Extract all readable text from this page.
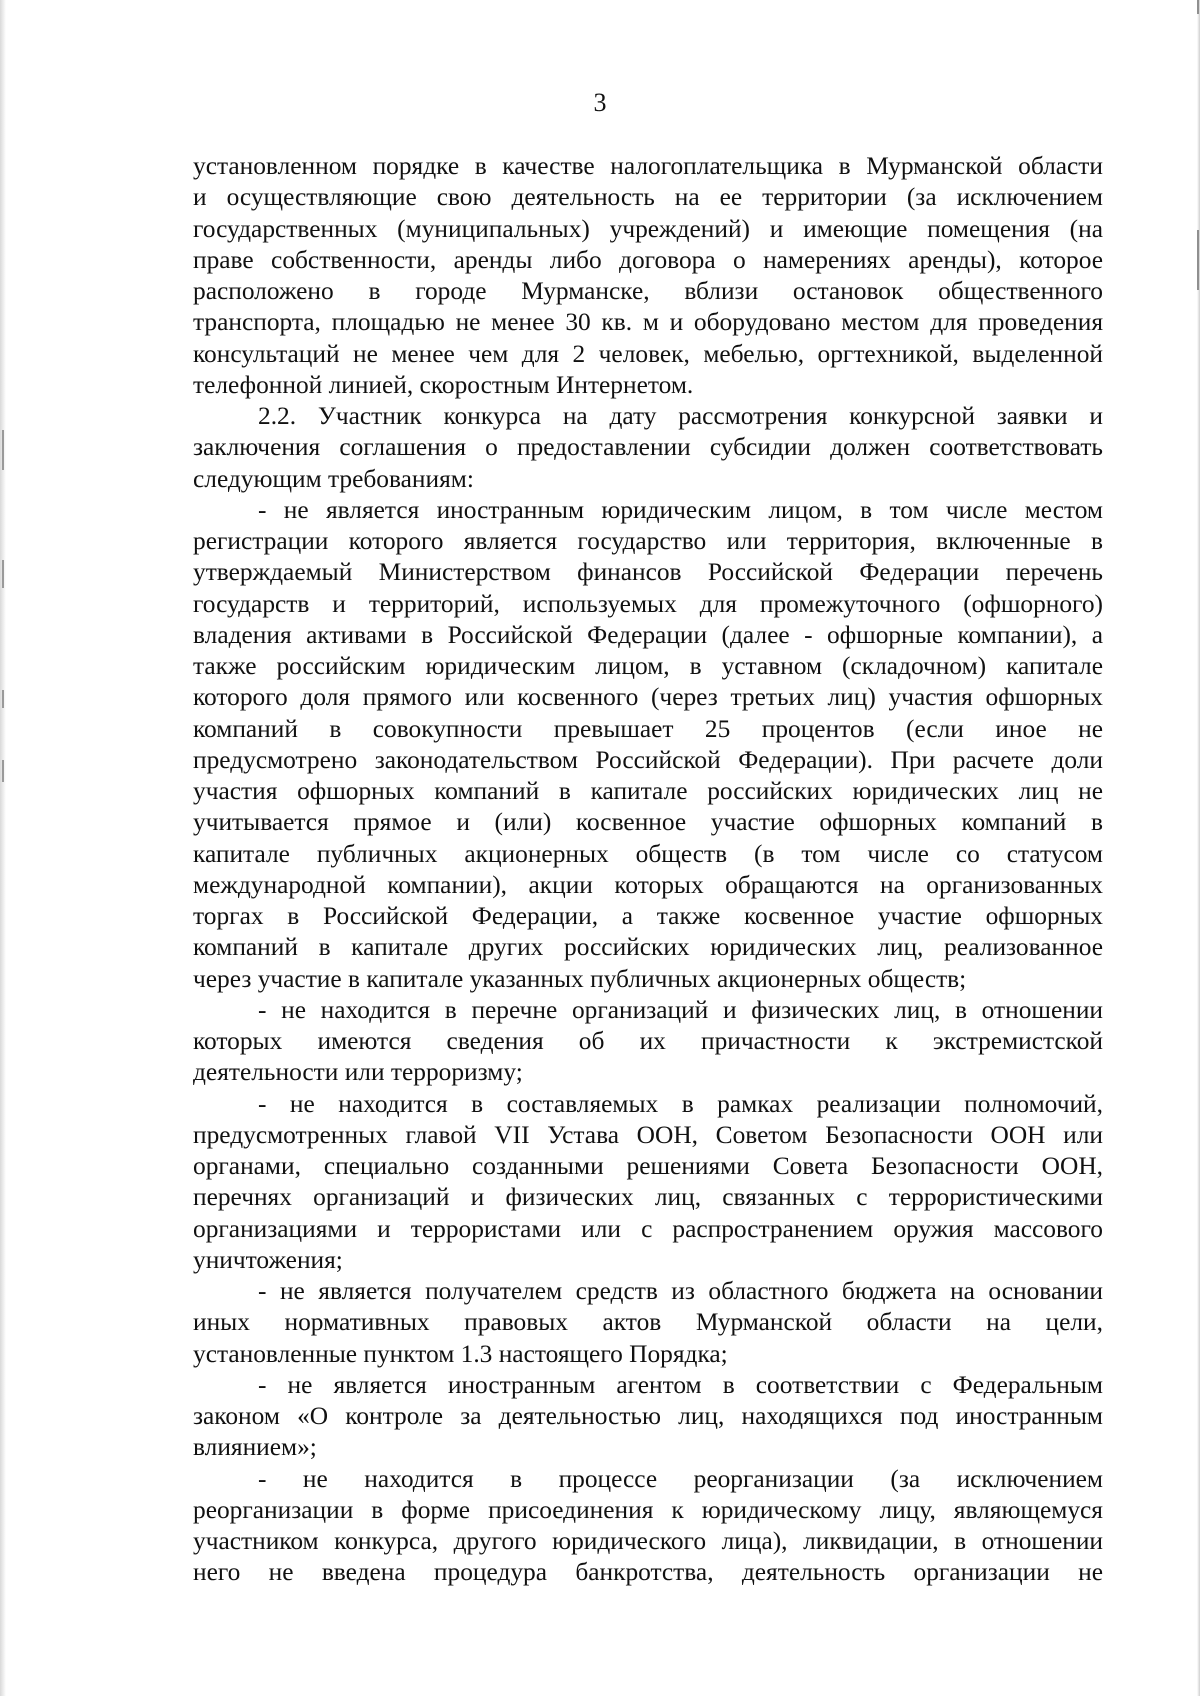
3
установленном порядке в качестве налогоплательщика в Мурманской области
и осуществляющие свою деятельность на ее территории (за исключением
государственных (муниципальных) учреждений) и имеющие помещения (на
праве собственности, аренды либо договора о намерениях аренды), которое
расположено в городе Мурманске, вблизи остановок общественного
транспорта, площадью не менее 30 кв. м и оборудовано местом для проведения
консультаций не менее чем для 2 человек, мебелью, оргтехникой, выделенной
телефонной линией, скоростным Интернетом.
2.2. Участник конкурса на дату рассмотрения конкурсной заявки и
заключения соглашения о предоставлении субсидии должен соответствовать
следующим требованиям:
- не является иностранным юридическим лицом, в том числе местом
регистрации которого является государство или территория, включенные в
утверждаемый Министерством финансов Российской Федерации перечень
государств и территорий, используемых для промежуточного (офшорного)
владения активами в Российской Федерации (далее - офшорные компании), а
также российским юридическим лицом, в уставном (складочном) капитале
которого доля прямого или косвенного (через третьих лиц) участия офшорных
компаний в совокупности превышает 25 процентов (если иное не
предусмотрено законодательством Российской Федерации). При расчете доли
участия офшорных компаний в капитале российских юридических лиц не
учитывается прямое и (или) косвенное участие офшорных компаний в
капитале публичных акционерных обществ (в том числе со статусом
международной компании), акции которых обращаются на организованных
торгах в Российской Федерации, а также косвенное участие офшорных
компаний в капитале других российских юридических лиц, реализованное
через участие в капитале указанных публичных акционерных обществ;
- не находится в перечне организаций и физических лиц, в отношении
которых имеются сведения об их причастности к экстремистской
деятельности или терроризму;
- не находится в составляемых в рамках реализации полномочий,
предусмотренных главой VII Устава ООН, Советом Безопасности ООН или
органами, специально созданными решениями Совета Безопасности ООН,
перечнях организаций и физических лиц, связанных с террористическими
организациями и террористами или с распространением оружия массового
уничтожения;
- не является получателем средств из областного бюджета на основании
иных нормативных правовых актов Мурманской области на цели,
установленные пунктом 1.3 настоящего Порядка;
- не является иностранным агентом в соответствии с Федеральным
законом «О контроле за деятельностью лиц, находящихся под иностранным
влиянием»;
- не находится в процессе реорганизации (за исключением
реорганизации в форме присоединения к юридическому лицу, являющемуся
участником конкурса, другого юридического лица), ликвидации, в отношении
него не введена процедура банкротства, деятельность организации не
